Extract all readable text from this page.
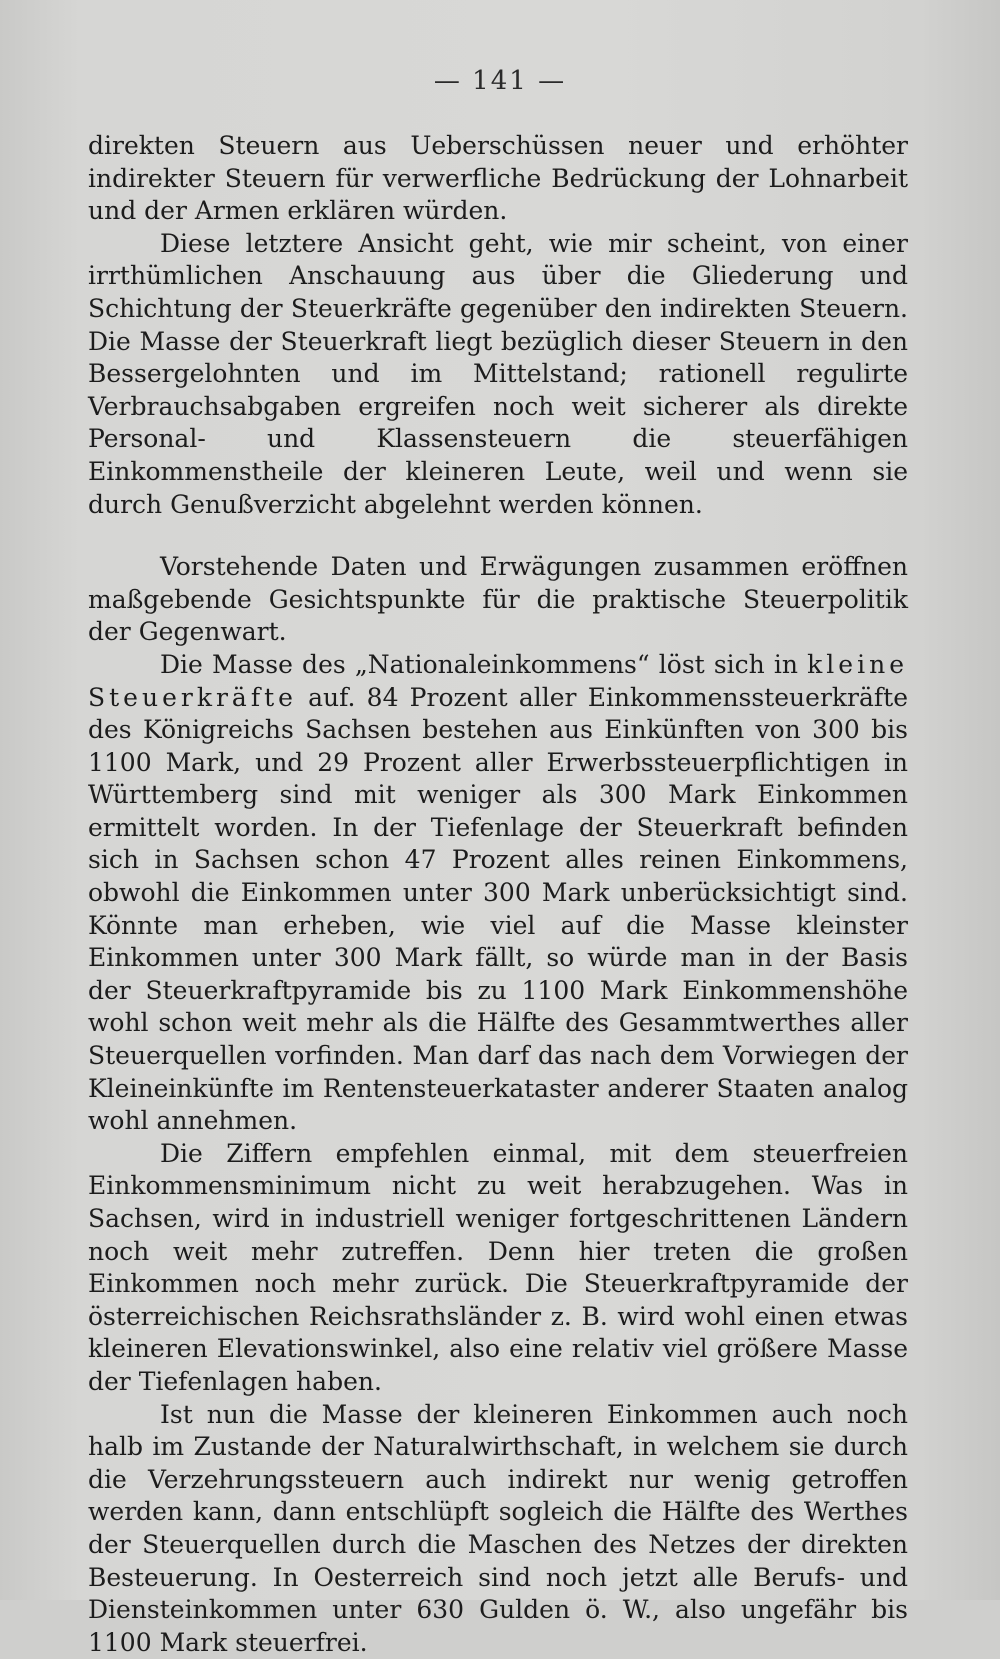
— 141 —

direkten Steuern aus Ueberschüssen neuer und erhöhter indirekter Steuern für verwerfliche Bedrückung der Lohnarbeit und der Armen erklären würden.

Diese letztere Ansicht geht, wie mir scheint, von einer irrthümlichen Anschauung aus über die Gliederung und Schichtung der Steuerkräfte gegenüber den indirekten Steuern. Die Masse der Steuerkraft liegt bezüglich dieser Steuern in den Bessergelohnten und im Mittelstand; rationell regulirte Verbrauchsabgaben ergreifen noch weit sicherer als direkte Personal- und Klassensteuern die steuerfähigen Einkommenstheile der kleineren Leute, weil und wenn sie durch Genußverzicht abgelehnt werden können.

Vorstehende Daten und Erwägungen zusammen eröffnen maßgebende Gesichtspunkte für die praktische Steuerpolitik der Gegenwart.

Die Masse des „Nationaleinkommens“ löst sich in kleine Steuerkräfte auf. 84 Prozent aller Einkommenssteuerkräfte des Königreichs Sachsen bestehen aus Einkünften von 300 bis 1100 Mark, und 29 Prozent aller Erwerbssteuerpflichtigen in Württemberg sind mit weniger als 300 Mark Einkommen ermittelt worden. In der Tiefenlage der Steuerkraft befinden sich in Sachsen schon 47 Prozent alles reinen Einkommens, obwohl die Einkommen unter 300 Mark unberücksichtigt sind. Könnte man erheben, wie viel auf die Masse kleinster Einkommen unter 300 Mark fällt, so würde man in der Basis der Steuerkraftpyramide bis zu 1100 Mark Einkommenshöhe wohl schon weit mehr als die Hälfte des Gesammtwerthes aller Steuerquellen vorfinden. Man darf das nach dem Vorwiegen der Kleineinkünfte im Rentensteuerkataster anderer Staaten analog wohl annehmen.

Die Ziffern empfehlen einmal, mit dem steuerfreien Einkommensminimum nicht zu weit herabzugehen. Was in Sachsen, wird in industriell weniger fortgeschrittenen Ländern noch weit mehr zutreffen. Denn hier treten die großen Einkommen noch mehr zurück. Die Steuerkraftpyramide der österreichischen Reichsrathsländer z. B. wird wohl einen etwas kleineren Elevationswinkel, also eine relativ viel größere Masse der Tiefenlagen haben.

Ist nun die Masse der kleineren Einkommen auch noch halb im Zustande der Naturalwirthschaft, in welchem sie durch die Verzehrungssteuern auch indirekt nur wenig getroffen werden kann, dann entschlüpft sogleich die Hälfte des Werthes der Steuerquellen durch die Maschen des Netzes der direkten Besteuerung. In Oesterreich sind noch jetzt alle Berufs- und Diensteinkommen unter 630 Gulden ö. W., also ungefähr bis 1100 Mark steuerfrei.
